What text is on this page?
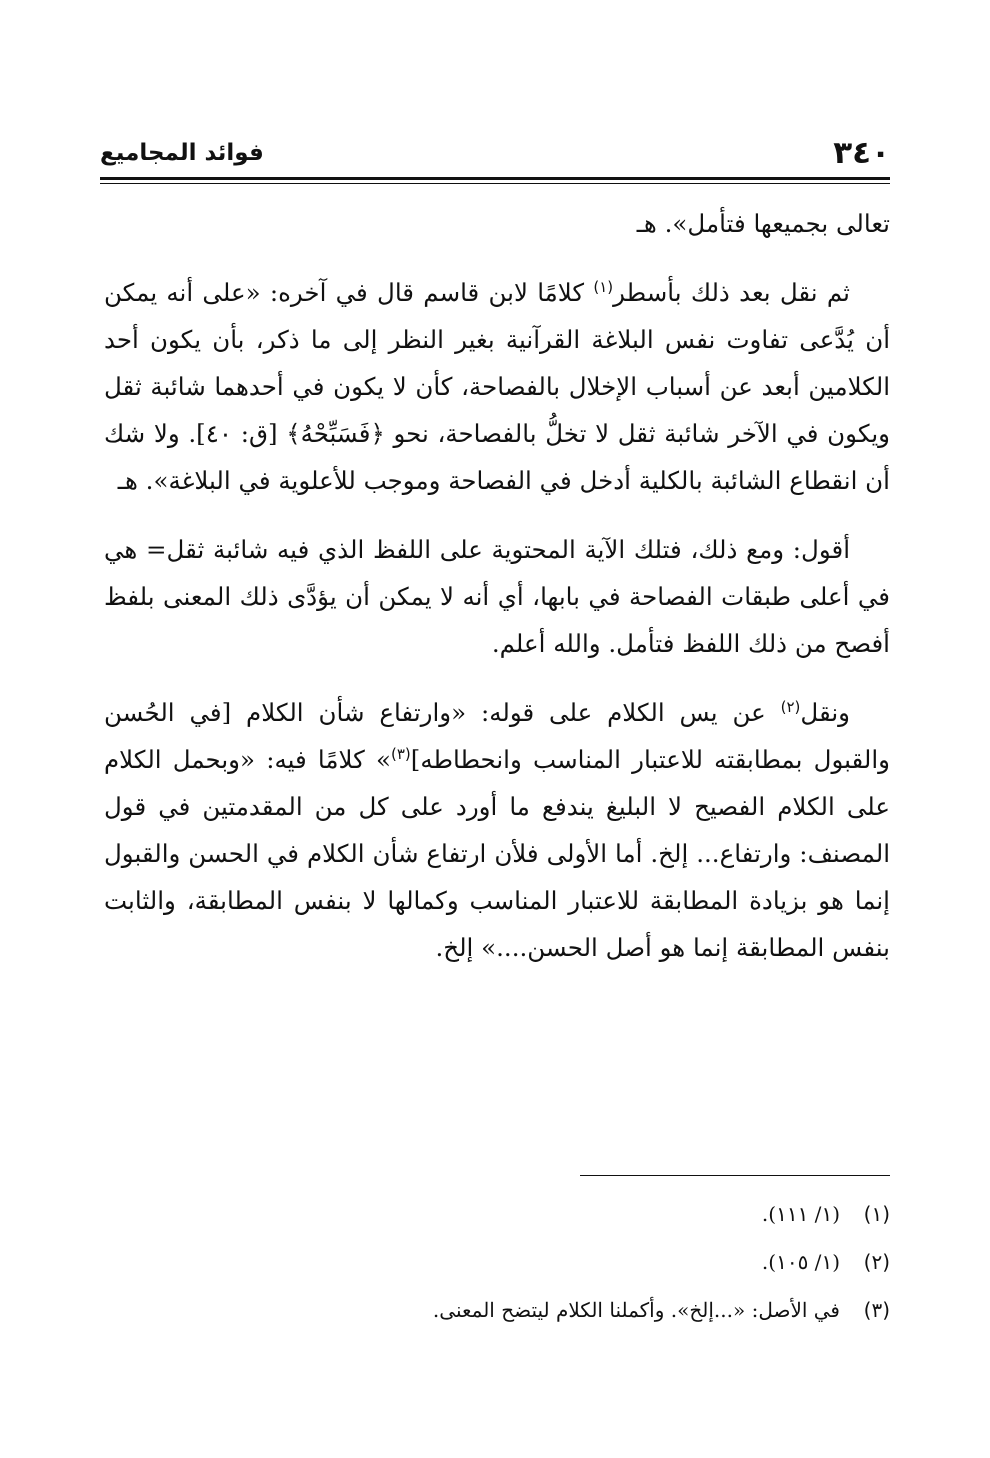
فوائد المجاميع	٣٤٠

تعالى بجميعها فتأمل». هـ

ثم نقل بعد ذلك بأسطر$^{(١)}$ كلامًا لابن قاسم قال في آخره: «على أنه يمكن أن يُدَّعى تفاوت نفس البلاغة القرآنية بغير النظر إلى ما ذكر، بأن يكون أحد الكلامين أبعد عن أسباب الإخلال بالفصاحة، كأن لا يكون في أحدهما شائبة ثقل ويكون في الآخر شائبة ثقل لا تخلُّ بالفصاحة، نحو ﴿فَسَبِّحْهُ﴾ [ق: ٤٠]. ولا شك أن انقطاع الشائبة بالكلية أدخل في الفصاحة وموجب للأعلوية في البلاغة». هـ

أقول: ومع ذلك، فتلك الآية المحتوية على اللفظ الذي فيه شائبة ثقل= هي في أعلى طبقات الفصاحة في بابها، أي أنه لا يمكن أن يؤدَّى ذلك المعنى بلفظ أفصح من ذلك اللفظ فتأمل. والله أعلم.

ونقل$^{(٢)}$ عن يس الكلام على قوله: «وارتفاع شأن الكلام [في الحُسن والقبول بمطابقته للاعتبار المناسب وانحطاطه]$^{(٣)}$» كلامًا فيه: «وبحمل الكلام على الكلام الفصيح لا البليغ يندفع ما أورد على كل من المقدمتين في قول المصنف: وارتفاع... إلخ. أما الأولى فلأن ارتفاع شأن الكلام في الحسن والقبول إنما هو بزيادة المطابقة للاعتبار المناسب وكمالها لا بنفس المطابقة، والثابت بنفس المطابقة إنما هو أصل الحسن....» إلخ.

(١)
(١/ ١١١).
(٢)
(١/ ١٠٥).
(٣)
في الأصل: «...إلخ». وأكملنا الكلام ليتضح المعنى.
